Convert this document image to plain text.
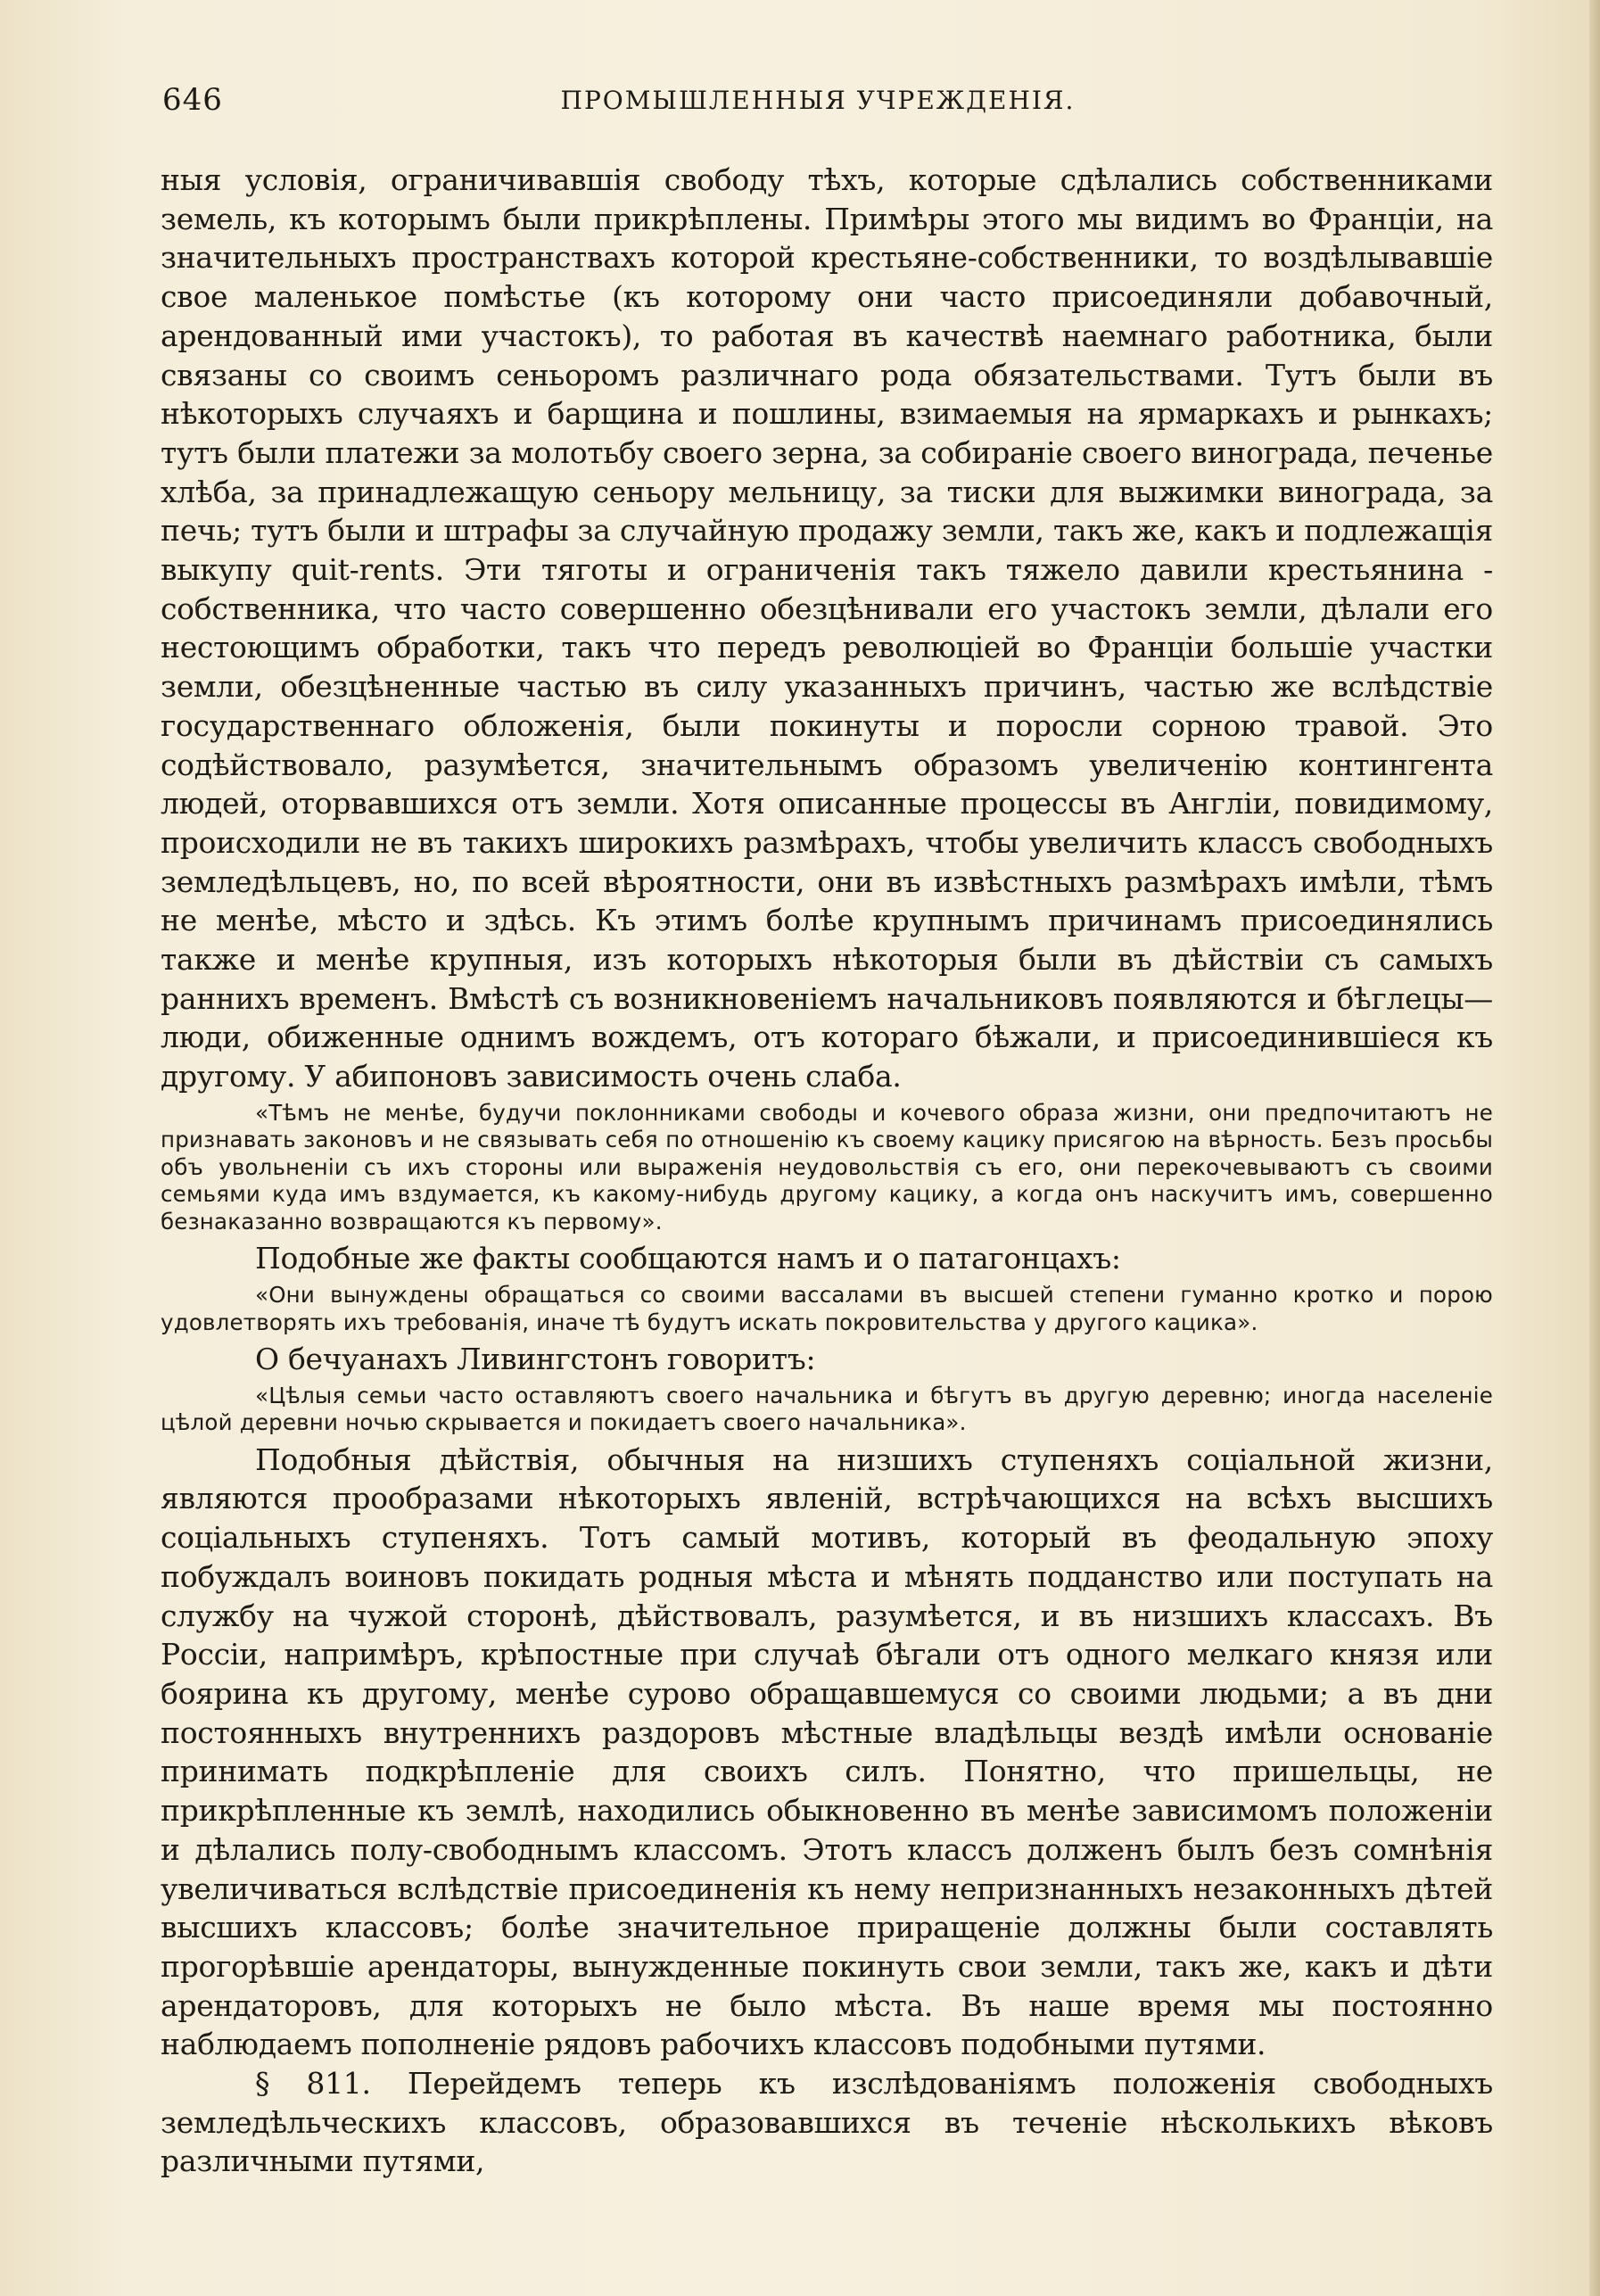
646	ПРОМЫШЛЕННЫЯ УЧРЕЖДЕНІЯ.

ныя условія, ограничивавшія свободу тѣхъ, которые сдѣлались собственниками земель, къ которымъ были прикрѣплены. Примѣры этого мы видимъ во Франціи, на значительныхъ пространствахъ которой крестьяне-собственники, то воздѣлывавшіе свое маленькое помѣстье (къ которому они часто присоединяли добавочный, арендованный ими участокъ), то работая въ качествѣ наемнаго работника, были связаны со своимъ сеньоромъ различнаго рода обязательствами. Тутъ были въ нѣкоторыхъ случаяхъ и барщина и пошлины, взимаемыя на ярмаркахъ и рынкахъ; тутъ были платежи за молотьбу своего зерна, за собираніе своего винограда, печенье хлѣба, за принадлежащую сеньору мельницу, за тиски для выжимки винограда, за печь; тутъ были и штрафы за случайную продажу земли, такъ же, какъ и подлежащія выкупу quit-rents. Эти тяготы и ограниченія такъ тяжело давили крестьянина - собственника, что часто совершенно обезцѣнивали его участокъ земли, дѣлали его нестоющимъ обработки, такъ что передъ революціей во Франціи большіе участки земли, обезцѣненные частью въ силу указанныхъ причинъ, частью же вслѣдствіе государственнаго обложенія, были покинуты и поросли сорною травой. Это содѣйствовало, разумѣется, значительнымъ образомъ увеличенію контингента людей, оторвавшихся отъ земли. Хотя описанные процессы въ Англіи, повидимому, происходили не въ такихъ широкихъ размѣрахъ, чтобы увеличить классъ свободныхъ земледѣльцевъ, но, по всей вѣроятности, они въ извѣстныхъ размѣрахъ имѣли, тѣмъ не менѣе, мѣсто и здѣсь. Къ этимъ болѣе крупнымъ причинамъ присоединялись также и менѣе крупныя, изъ которыхъ нѣкоторыя были въ дѣйствіи съ самыхъ раннихъ временъ. Вмѣстѣ съ возникновеніемъ начальниковъ появляются и бѣглецы—люди, обиженные однимъ вождемъ, отъ котораго бѣжали, и присоединившіеся къ другому. У абипоновъ зависимость очень слаба.

«Тѣмъ не менѣе, будучи поклонниками свободы и кочевого образа жизни, они предпочитаютъ не признавать законовъ и не связывать себя по отношенію къ своему кацику присягою на вѣрность. Безъ просьбы объ увольненіи съ ихъ стороны или выраженія неудовольствія съ его, они перекочевываютъ съ своими семьями куда имъ вздумается, къ какому-нибудь другому кацику, а когда онъ наскучитъ имъ, совершенно безнаказанно возвращаются къ первому».

Подобные же факты сообщаются намъ и о патагонцахъ:

«Они вынуждены обращаться со своими вассалами въ высшей степени гуманно кротко и порою удовлетворять ихъ требованія, иначе тѣ будутъ искать покровительства у другого кацика».

О бечуанахъ Ливингстонъ говоритъ:

«Цѣлыя семьи часто оставляютъ своего начальника и бѣгутъ въ другую деревню; иногда населеніе цѣлой деревни ночью скрывается и покидаетъ своего начальника».

Подобныя дѣйствія, обычныя на низшихъ ступеняхъ соціальной жизни, являются прообразами нѣкоторыхъ явленій, встрѣчающихся на всѣхъ высшихъ соціальныхъ ступеняхъ. Тотъ самый мотивъ, который въ феодальную эпоху побуждалъ воиновъ покидать родныя мѣста и мѣнять подданство или поступать на службу на чужой сторонѣ, дѣйствовалъ, разумѣется, и въ низшихъ классахъ. Въ Россіи, напримѣръ, крѣпостные при случаѣ бѣгали отъ одного мелкаго князя или боярина къ другому, менѣе сурово обращавшемуся со своими людьми; а въ дни постоянныхъ внутреннихъ раздоровъ мѣстные владѣльцы вездѣ имѣли основаніе принимать подкрѣпленіе для своихъ силъ. Понятно, что пришельцы, не прикрѣпленные къ землѣ, находились обыкновенно въ менѣе зависимомъ положеніи и дѣлались полу-свободнымъ классомъ. Этотъ классъ долженъ былъ безъ сомнѣнія увеличиваться вслѣдствіе присоединенія къ нему непризнанныхъ незаконныхъ дѣтей высшихъ классовъ; болѣе значительное приращеніе должны были составлять прогорѣвшіе арендаторы, вынужденные покинуть свои земли, такъ же, какъ и дѣти арендаторовъ, для которыхъ не было мѣста. Въ наше время мы постоянно наблюдаемъ пополненіе рядовъ рабочихъ классовъ подобными путями.

§ 811. Перейдемъ теперь къ изслѣдованіямъ положенія свободныхъ земледѣльческихъ классовъ, образовавшихся въ теченіе нѣсколькихъ вѣковъ различными путями,
